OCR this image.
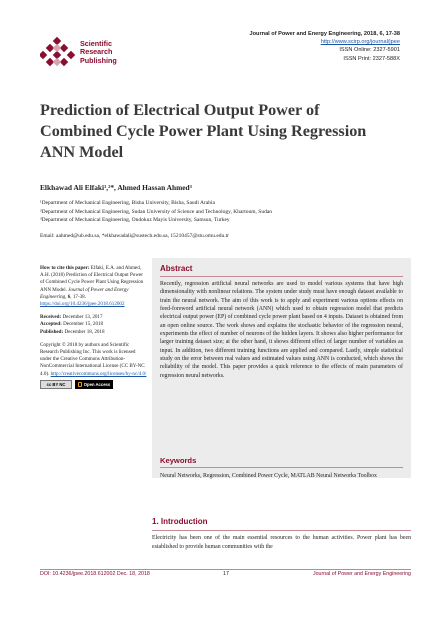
Scientific
Research
Publishing
Journal of Power and Energy Engineering, 2018, 6, 17-38
http://www.scirp.org/journal/jpee
ISSN Online: 2327-5901
ISSN Print: 2327-588X
Prediction of Electrical Output Power of Combined Cycle Power Plant Using Regression ANN Model
Elkhawad Ali Elfaki¹,²*, Ahmed Hassan Ahmed³
¹Department of Mechanical Engineering, Bisha University, Bisha, Saudi Arabia
²Department of Mechanical Engineering, Sudan University of Science and Technology, Khartoum, Sudan
³Department of Mechanical Engineering, Ondokuz Mayis University, Samsun, Turkey
Email: aahmed@ub.edu.sa, *elkhawadali@sustech.edu.sa, 15210457@stu.omu.edu.tr
How to cite this paper: Elfaki, E.A. and Ahmed, A.H. (2018) Prediction of Electrical Output Power of Combined Cycle Power Plant Using Regression ANN Model. Journal of Power and Energy Engineering, 6, 17-38. https://doi.org/10.4236/jpee.2018.612002
Received: December 13, 2017
Accepted: December 15, 2018
Published: December 18, 2018
Copyright © 2018 by authors and Scientific Research Publishing Inc. This work is licensed under the Creative Commons Attribution-NonCommercial International License (CC BY-NC 4.0). http://creativecommons.org/licenses/by-nc/4.0/
cc BY NC	Open Access
Abstract
Recently, regression artificial neural networks are used to model various systems that have high dimensionality with nonlinear relations. The system under study must have enough dataset available to train the neural network. The aim of this work is to apply and experiment various options effects on feed-foreword artificial neural network (ANN) which used to obtain regression model that predicts electrical output power (EP) of combined cycle power plant based on 4 inputs. Dataset is obtained from an open online source. The work shows and explains the stochastic behavior of the regression neural, experiments the effect of number of neurons of the hidden layers. It shows also higher performance for larger training dataset size; at the other hand, it shows different effect of larger number of variables as input. In addition, two different training functions are applied and compared. Lastly, simple statistical study on the error between real values and estimated values using ANN is conducted, which shows the reliability of the model. This paper provides a quick reference to the effects of main parameters of regression neural networks.
Keywords
Neural Networks, Regression, Combined Power Cycle, MATLAB Neural Networks Toolbox
1. Introduction
Electricity has been one of the main essential resources to the human activities. Power plant has been established to provide human communities with the
DOI: 10.4236/jpee.2018.612002 Dec. 18, 2018	17	Journal of Power and Energy Engineering
